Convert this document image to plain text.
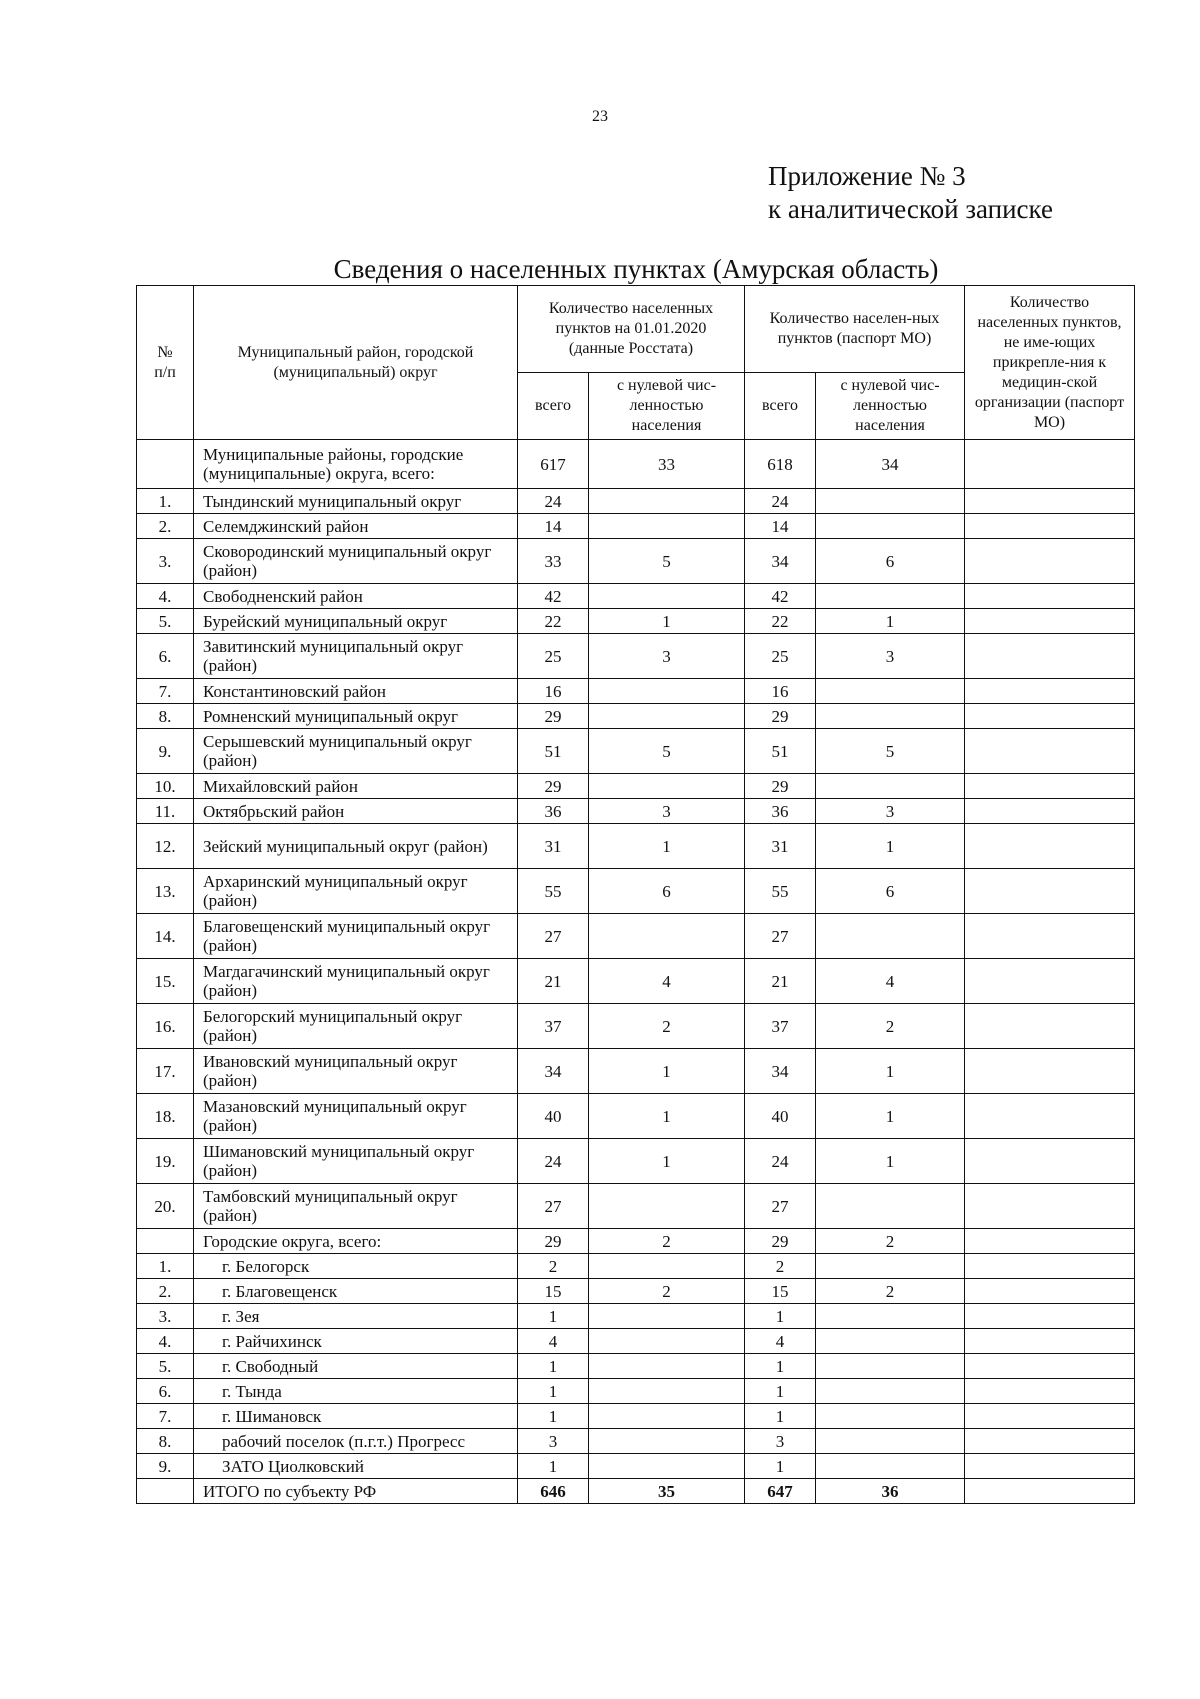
23
Приложение № 3
к аналитической записке
Сведения о населенных пунктах (Амурская область)
№
п/п	Муниципальный район, городской (муниципальный) округ	Количество населенных пунктов на 01.01.2020 (данные Росстата)		Количество населен-ных пунктов (паспорт МО)		Количество населенных пунктов, не име-ющих прикрепле-ния к медицин-ской организации (паспорт МО)
		всего	с нулевой чис-ленностью населения	всего	с нулевой чис-ленностью населения	
	Муниципальные районы, городские (муниципальные) округа, всего:	617	33	618	34	
1.	Тындинский муниципальный округ	24		24		
2.	Селемджинский район	14		14		
3.	Сковородинский муниципальный округ (район)	33	5	34	6	
4.	Свободненский район	42		42		
5.	Бурейский муниципальный округ	22	1	22	1	
6.	Завитинский муниципальный округ (район)	25	3	25	3	
7.	Константиновский район	16		16		
8.	Ромненский муниципальный округ	29		29		
9.	Серышевский муниципальный округ (район)	51	5	51	5	
10.	Михайловский район	29		29		
11.	Октябрьский район	36	3	36	3	
12.	Зейский муниципальный округ (район)	31	1	31	1	
13.	Архаринский муниципальный округ (район)	55	6	55	6	
14.	Благовещенский муниципальный округ (район)	27		27		
15.	Магдагачинский муниципальный округ (район)	21	4	21	4	
16.	Белогорский муниципальный округ (район)	37	2	37	2	
17.	Ивановский муниципальный округ (район)	34	1	34	1	
18.	Мазановский муниципальный округ (район)	40	1	40	1	
19.	Шимановский муниципальный округ (район)	24	1	24	1	
20.	Тамбовский муниципальный округ (район)	27		27		
	Городские округа, всего:	29	2	29	2	
1.	г. Белогорск	2		2		
2.	г. Благовещенск	15	2	15	2	
3.	г. Зея	1		1		
4.	г. Райчихинск	4		4		
5.	г. Свободный	1		1		
6.	г. Тында	1		1		
7.	г. Шимановск	1		1		
8.	рабочий поселок (п.г.т.) Прогресс	3		3		
9.	ЗАТО Циолковский	1		1		
	ИТОГО по субъекту РФ	646	35	647	36	
